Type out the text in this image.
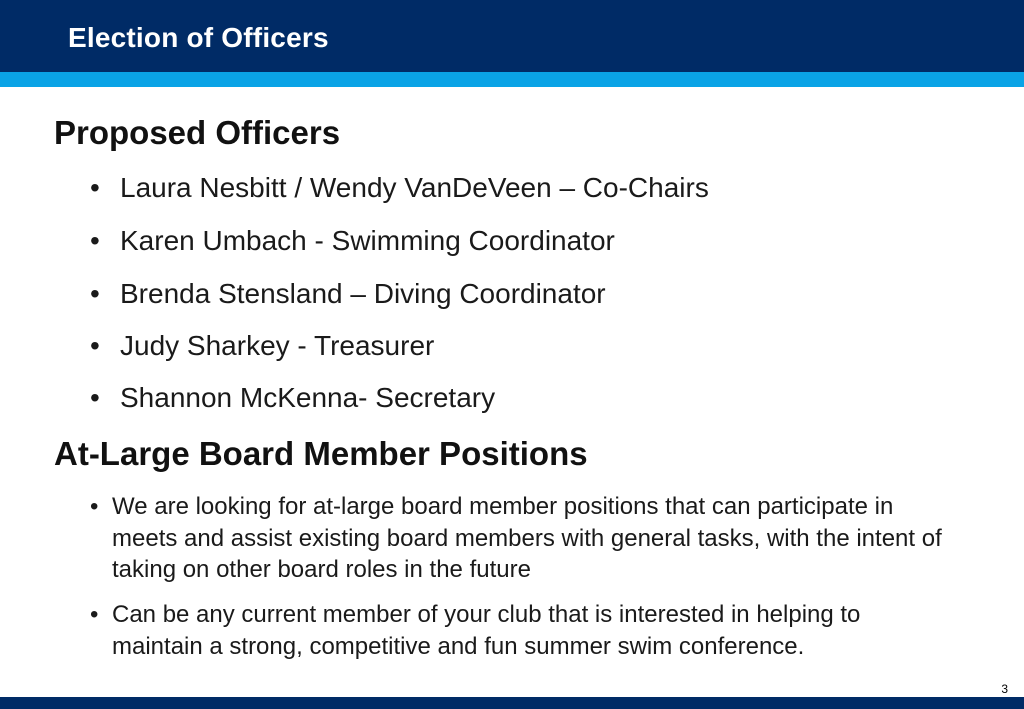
Election of Officers
Proposed Officers
• Laura Nesbitt / Wendy VanDeVeen – Co-Chairs
• Karen Umbach - Swimming Coordinator
• Brenda Stensland – Diving Coordinator
• Judy Sharkey - Treasurer
• Shannon McKenna- Secretary
At-Large Board Member Positions
• We are looking for at-large board member positions that can participate in meets and assist existing board members with general tasks, with the intent of taking on other board roles in the future
• Can be any current member of your club that is interested in helping to maintain a strong, competitive and fun summer swim conference.
3
